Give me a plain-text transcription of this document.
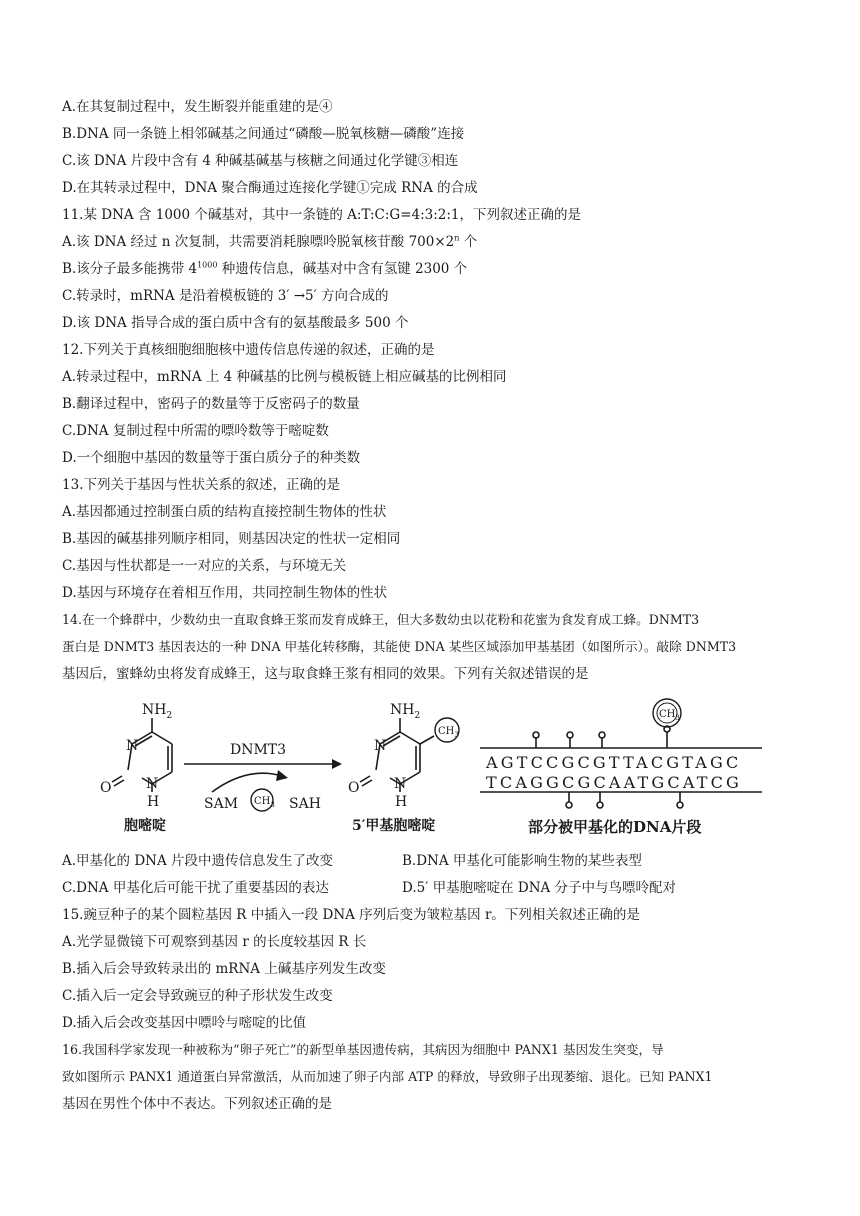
A.在其复制过程中，发生断裂并能重建的是④
B.DNA 同一条链上相邻碱基之间通过“磷酸—脱氧核糖—磷酸”连接
C.该 DNA 片段中含有 4 种碱基碱基与核糖之间通过化学键③相连
D.在其转录过程中，DNA 聚合酶通过连接化学键①完成 RNA 的合成
11.某 DNA 含 1000 个碱基对，其中一条链的 A:T:C:G=4:3:2:1，下列叙述正确的是
A.该 DNA 经过 n 次复制，共需要消耗腺嘌呤脱氧核苷酸 $700\times 2^n$ 个
B.该分子最多能携带 $4^{1000}$ 种遗传信息，碱基对中含有氢键 2300 个
C.转录时，mRNA 是沿着模板链的 3′ →5′ 方向合成的
D.该 DNA 指导合成的蛋白质中含有的氨基酸最多 500 个
12.下列关于真核细胞细胞核中遗传信息传递的叙述，正确的是
A.转录过程中，mRNA 上 4 种碱基的比例与模板链上相应碱基的比例相同
B.翻译过程中，密码子的数量等于反密码子的数量
C.DNA 复制过程中所需的嘌呤数等于嘧啶数
D.一个细胞中基因的数量等于蛋白质分子的种类数
13.下列关于基因与性状关系的叙述，正确的是
A.基因都通过控制蛋白质的结构直接控制生物体的性状
B.基因的碱基排列顺序相同，则基因决定的性状一定相同
C.基因与性状都是一一对应的关系，与环境无关
D.基因与环境存在着相互作用，共同控制生物体的性状
14.在一个蜂群中，少数幼虫一直取食蜂王浆而发育成蜂王，但大多数幼虫以花粉和花蜜为食发育成工蜂。DNMT3
蛋白是 DNMT3 基因表达的一种 DNA 甲基化转移酶，其能使 DNA 某些区域添加甲基基团（如图所示）。敲除 DNMT3
基因后，蜜蜂幼虫将发育成蜂王，这与取食蜂王浆有相同的效果。下列有关叙述错误的是
$NH_2$
N
O N
H
胞嘧啶
DNMT3
SAM $CH_3$ SAH
$NH_2$
$CH_3$
N
O N
H
5′甲基胞嘧啶
$CH_3$
AGTCCGCGTTACGTAGC
TCAGGCGCAATGCATCG
部分被甲基化的DNA片段
A.甲基化的 DNA 片段中遗传信息发生了改变	B.DNA 甲基化可能影响生物的某些表型
C.DNA 甲基化后可能干扰了重要基因的表达	D.5′ 甲基胞嘧啶在 DNA 分子中与鸟嘌呤配对
15.豌豆种子的某个圆粒基因 R 中插入一段 DNA 序列后变为皱粒基因 r。下列相关叙述正确的是
A.光学显微镜下可观察到基因 r 的长度较基因 R 长
B.插入后会导致转录出的 mRNA 上碱基序列发生改变
C.插入后一定会导致豌豆的种子形状发生改变
D.插入后会改变基因中嘌呤与嘧啶的比值
16.我国科学家发现一种被称为“卵子死亡”的新型单基因遗传病，其病因为细胞中 PANX1 基因发生突变，导
致如图所示 PANX1 通道蛋白异常激活，从而加速了卵子内部 ATP 的释放，导致卵子出现萎缩、退化。已知 PANX1
基因在男性个体中不表达。下列叙述正确的是
